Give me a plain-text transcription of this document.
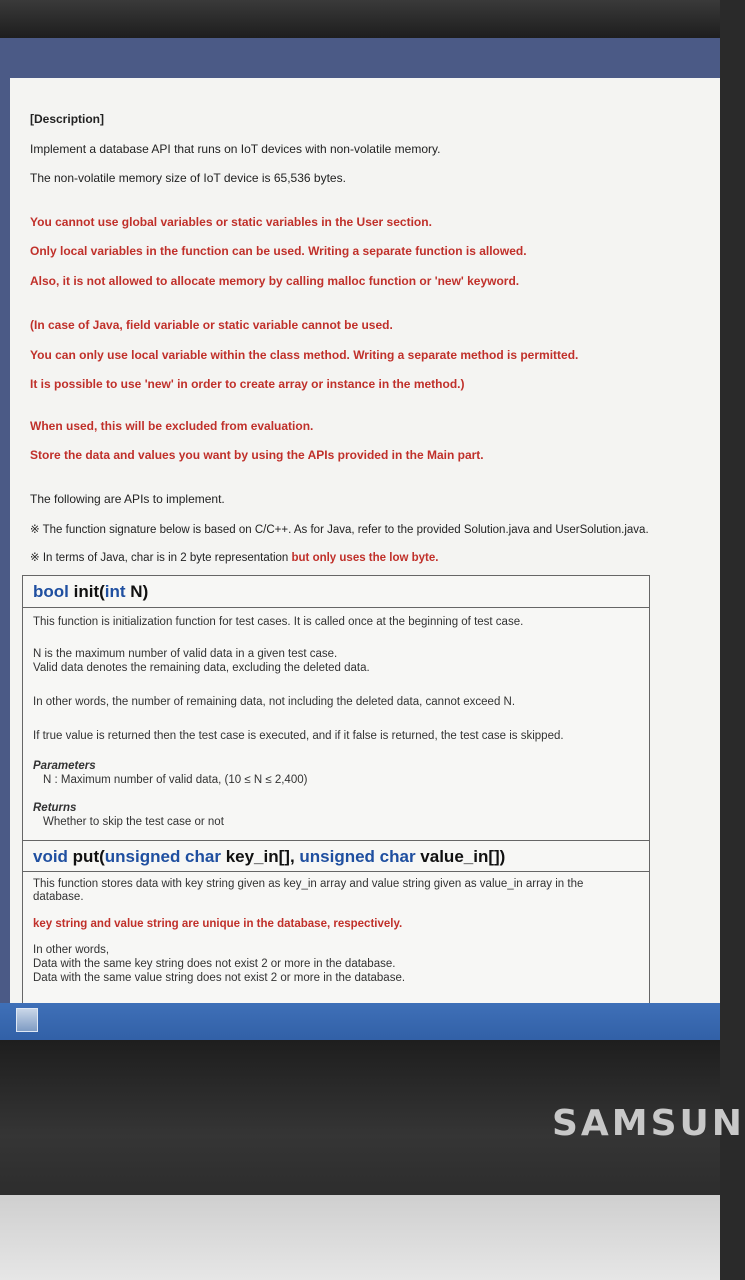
[Description]
Implement a database API that runs on IoT devices with non-volatile memory.
The non-volatile memory size of IoT device is 65,536 bytes.
You cannot use global variables or static variables in the User section.
Only local variables in the function can be used. Writing a separate function is allowed.
Also, it is not allowed to allocate memory by calling malloc function or 'new' keyword.
(In case of Java, field variable or static variable cannot be used.
You can only use local variable within the class method. Writing a separate method is permitted.
It is possible to use 'new' in order to create array or instance in the method.)
When used, this will be excluded from evaluation.
Store the data and values you want by using the APIs provided in the Main part.
The following are APIs to implement.
※ The function signature below is based on C/C++. As for Java, refer to the provided Solution.java and UserSolution.java.
※ In terms of Java, char is in 2 byte representation but only uses the low byte.
bool init(int N)
This function is initialization function for test cases. It is called once at the beginning of test case.
N is the maximum number of valid data in a given test case.
Valid data denotes the remaining data, excluding the deleted data.
In other words, the number of remaining data, not including the deleted data, cannot exceed N.
If true value is returned then the test case is executed, and if it false is returned, the test case is skipped.
Parameters
N : Maximum number of valid data, (10 ≤ N ≤ 2,400)
Returns
Whether to skip the test case or not
void put(unsigned char key_in[], unsigned char value_in[])
This function stores data with key string given as key_in array and value string given as value_in array in the
database.
key string and value string are unique in the database, respectively.
In other words,
Data with the same key string does not exist 2 or more in the database.
Data with the same value string does not exist 2 or more in the database.
SAMSUN
